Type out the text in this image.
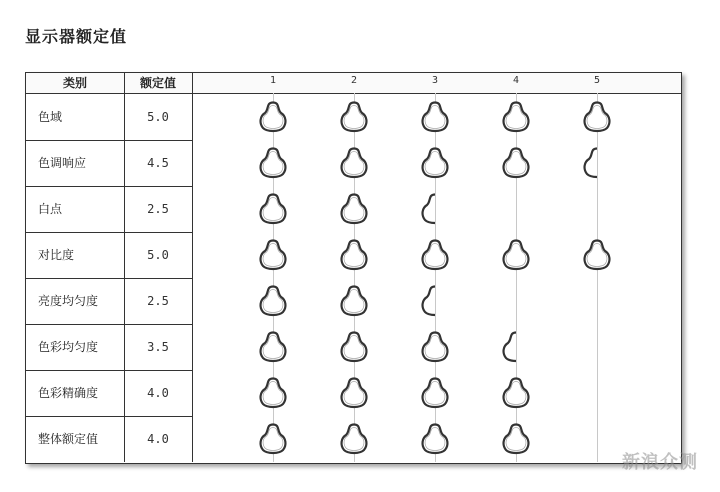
显示器额定值
类别	额定值	1	2	3	4	5
色域	5.0
色调响应	4.5
白点	2.5
对比度	5.0
亮度均匀度	2.5
色彩均匀度	3.5
色彩精确度	4.0
整体额定值	4.0
新浪众测
